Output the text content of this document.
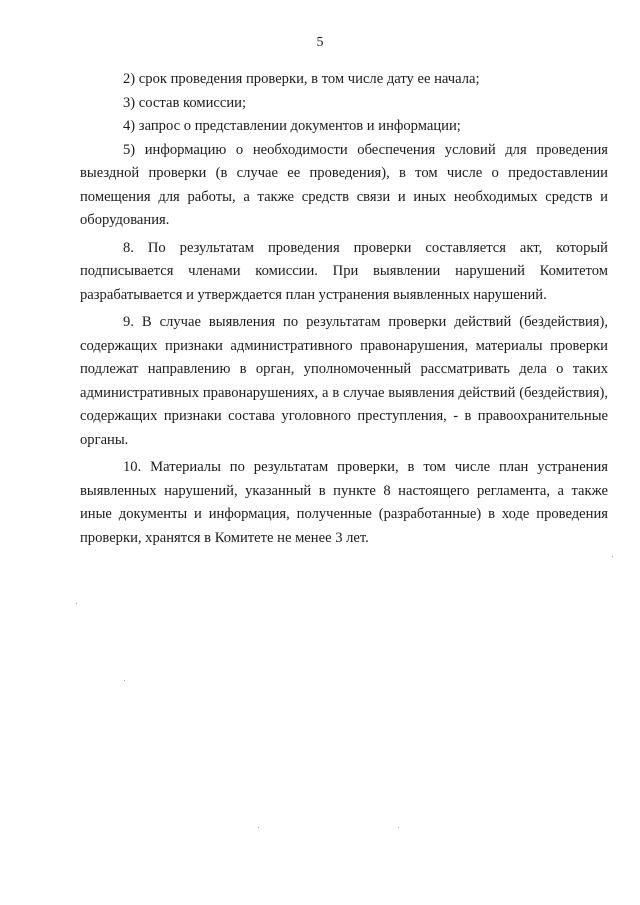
5

2) срок проведения проверки, в том числе дату ее начала;

3) состав комиссии;

4) запрос о представлении документов и информации;

5) информацию о необходимости обеспечения условий для проведения выездной проверки (в случае ее проведения), в том числе о предоставлении помещения для работы, а также средств связи и иных необходимых средств и оборудования.

8. По результатам проведения проверки составляется акт, который подписывается членами комиссии. При выявлении нарушений Комитетом разрабатывается и утверждается план устранения выявленных нарушений.

9. В случае выявления по результатам проверки действий (бездействия), содержащих признаки административного правонарушения, материалы проверки подлежат направлению в орган, уполномоченный рассматривать дела о таких административных правонарушениях, а в случае выявления действий (бездействия), содержащих признаки состава уголовного преступления, - в правоохранительные органы.

10. Материалы по результатам проверки, в том числе план устранения выявленных нарушений, указанный в пункте 8 настоящего регламента, а также иные документы и информация, полученные (разработанные) в ходе проведения проверки, хранятся в Комитете не менее 3 лет.
